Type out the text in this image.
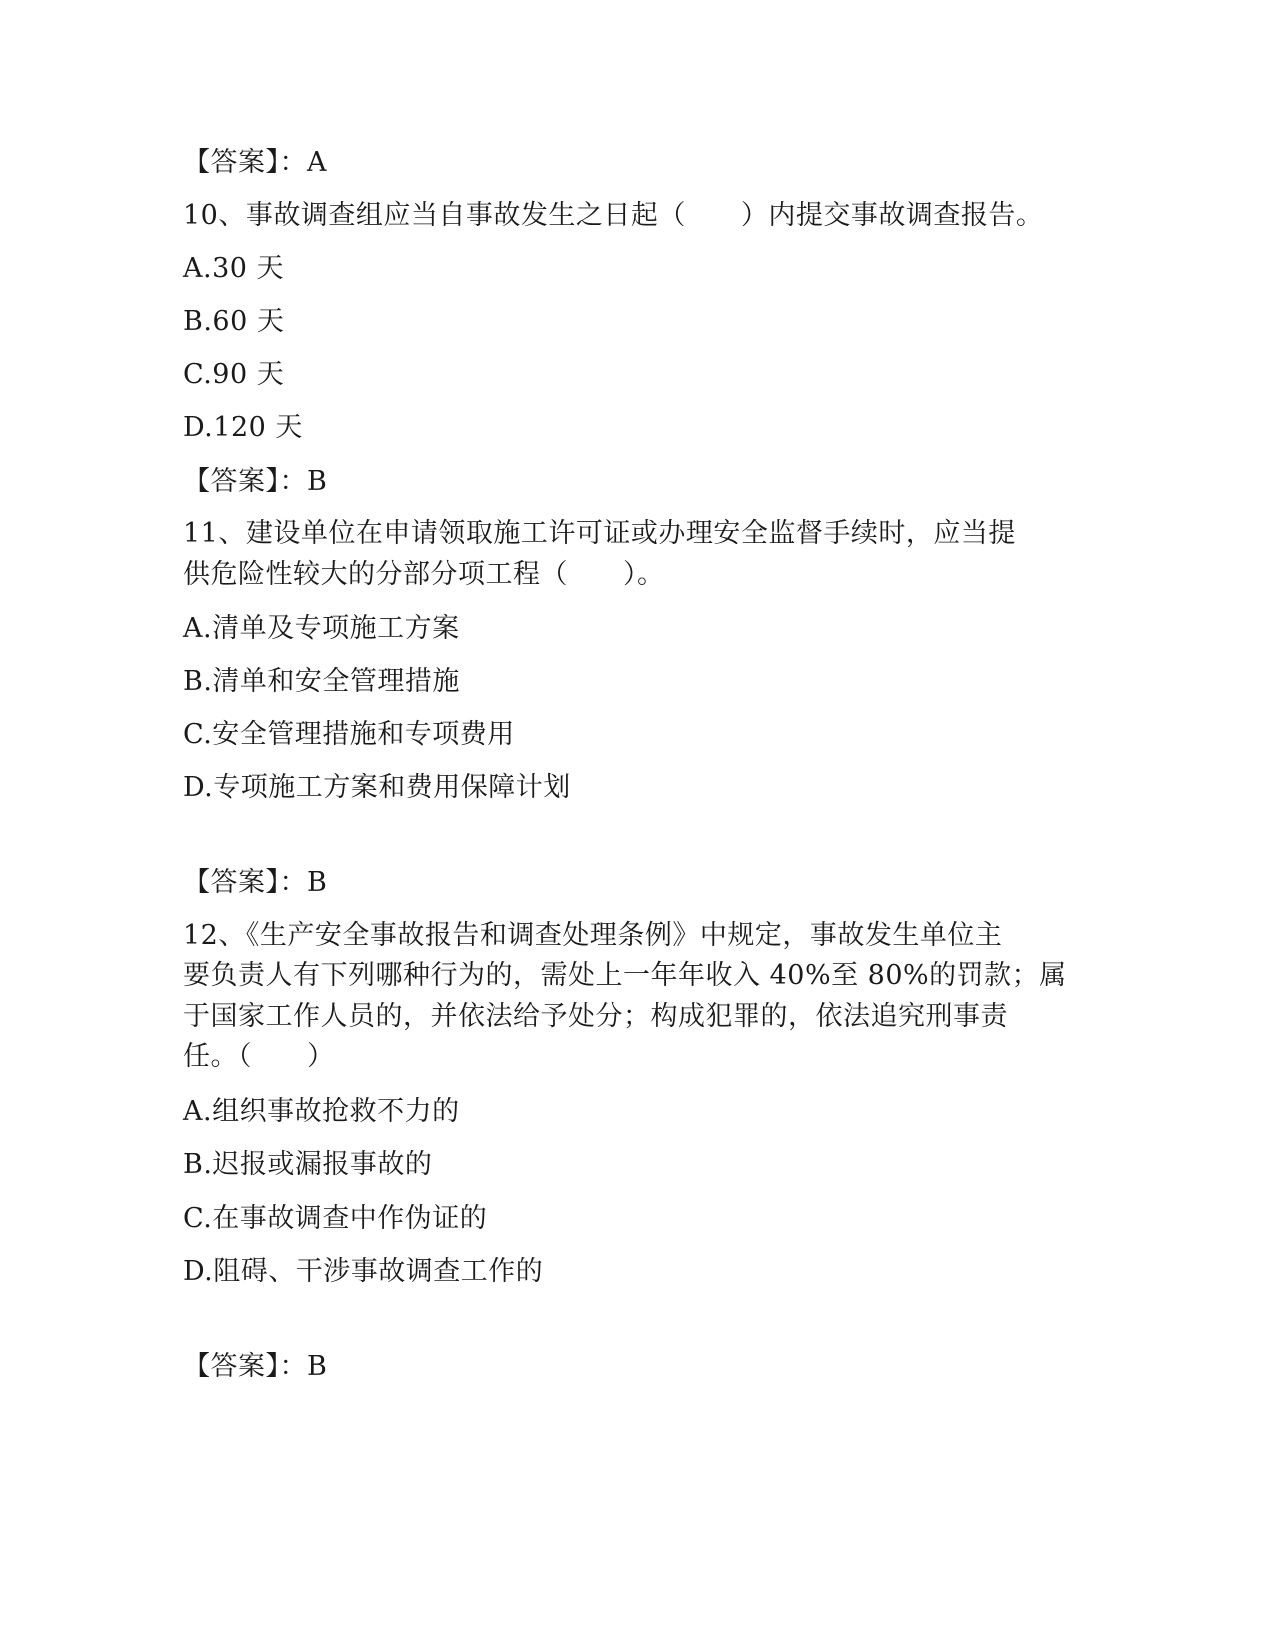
【答案】：A
10、事故调查组应当自事故发生之日起（　　）内提交事故调查报告。
A.30 天
B.60 天
C.90 天
D.120 天
【答案】：B
11、建设单位在申请领取施工许可证或办理安全监督手续时，应当提
供危险性较大的分部分项工程（　　）。
A.清单及专项施工方案
B.清单和安全管理措施
C.安全管理措施和专项费用
D.专项施工方案和费用保障计划
【答案】：B
12、《生产安全事故报告和调查处理条例》中规定，事故发生单位主
要负责人有下列哪种行为的，需处上一年年收入 40%至 80%的罚款；属
于国家工作人员的，并依法给予处分；构成犯罪的，依法追究刑事责
任。（　　）
A.组织事故抢救不力的
B.迟报或漏报事故的
C.在事故调查中作伪证的
D.阻碍、干涉事故调查工作的
【答案】：B
